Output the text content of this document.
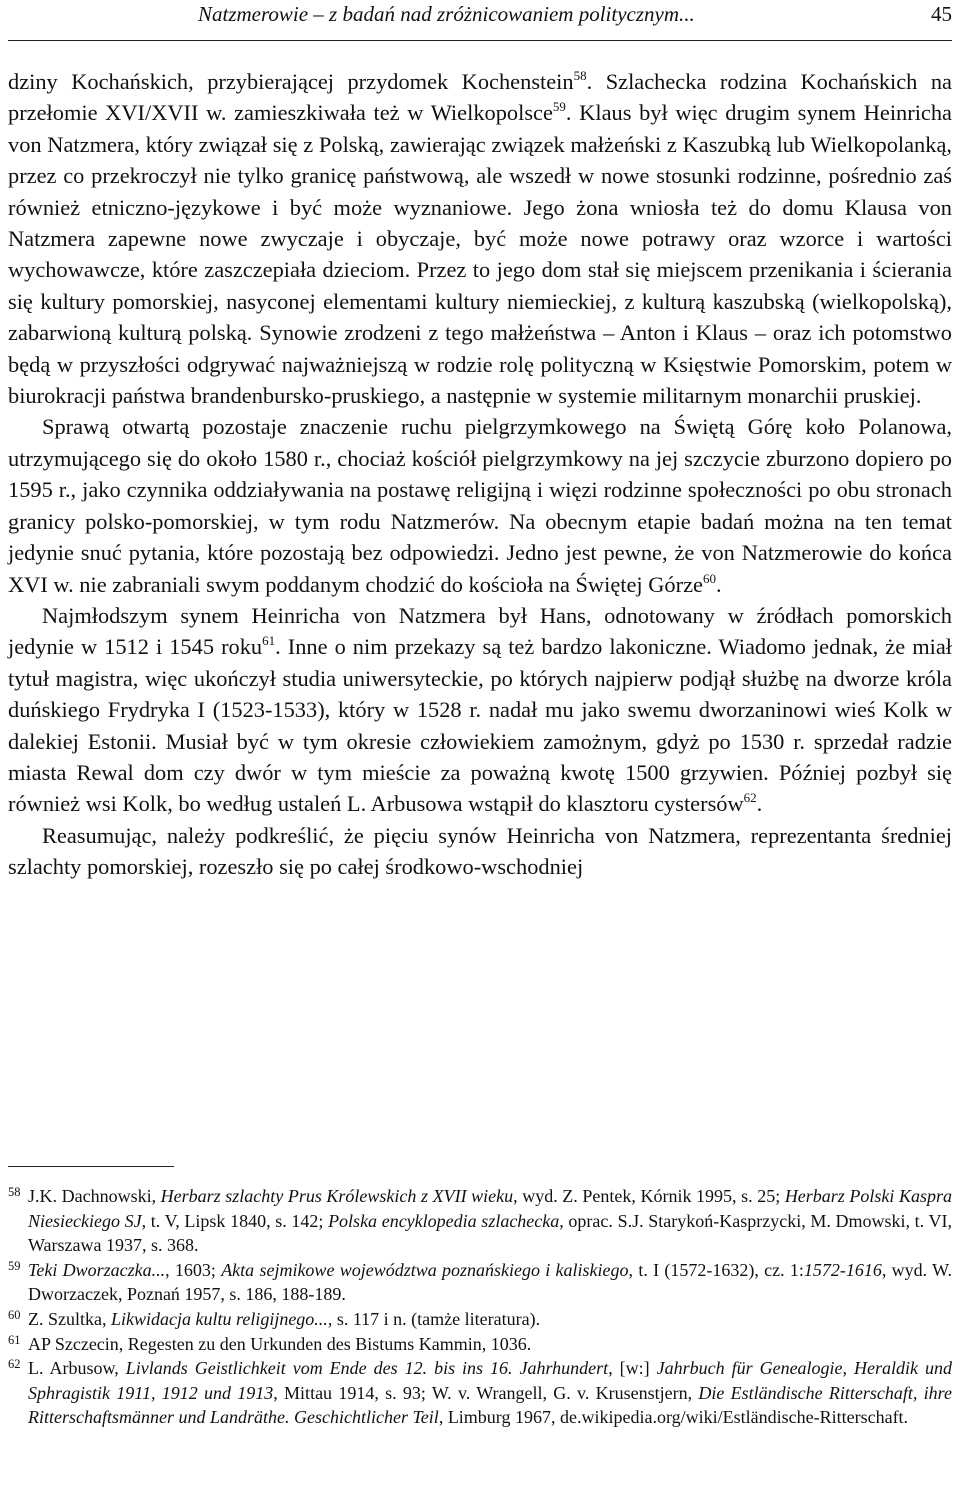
Natzmerowie – z badań nad zróżnicowaniem politycznym...	45

dziny Kochańskich, przybierającej przydomek Kochenstein$^{58}$. Szlachecka rodzina Kochańskich na przełomie XVI/XVII w. zamieszkiwała też w Wielkopolsce$^{59}$. Klaus był więc drugim synem Heinricha von Natzmera, który związał się z Polską, zawierając związek małżeński z Kaszubką lub Wielkopolanką, przez co przekroczył nie tylko granicę państwową, ale wszedł w nowe stosunki rodzinne, pośrednio zaś również etniczno-językowe i być może wyznaniowe. Jego żona wniosła też do domu Klausa von Natzmera zapewne nowe zwyczaje i obyczaje, być może nowe potrawy oraz wzorce i wartości wychowawcze, które zaszczepiała dzieciom. Przez to jego dom stał się miejscem przenikania i ścierania się kultury pomorskiej, nasyconej elementami kultury niemieckiej, z kulturą kaszubską (wielkopolską), zabarwioną kulturą polską. Synowie zrodzeni z tego małżeństwa – Anton i Klaus – oraz ich potomstwo będą w przyszłości odgrywać najważniejszą w rodzie rolę polityczną w Księstwie Pomorskim, potem w biurokracji państwa brandenbursko-pruskiego, a następnie w systemie militarnym monarchii pruskiej.

Sprawą otwartą pozostaje znaczenie ruchu pielgrzymkowego na Świętą Górę koło Polanowa, utrzymującego się do około 1580 r., chociaż kościół pielgrzymkowy na jej szczycie zburzono dopiero po 1595 r., jako czynnika oddziaływania na postawę religijną i więzi rodzinne społeczności po obu stronach granicy polsko-pomorskiej, w tym rodu Natzmerów. Na obecnym etapie badań można na ten temat jedynie snuć pytania, które pozostają bez odpowiedzi. Jedno jest pewne, że von Natzmerowie do końca XVI w. nie zabraniali swym poddanym chodzić do kościoła na Świętej Górze$^{60}$.

Najmłodszym synem Heinricha von Natzmera był Hans, odnotowany w źródłach pomorskich jedynie w 1512 i 1545 roku$^{61}$. Inne o nim przekazy są też bardzo lakoniczne. Wiadomo jednak, że miał tytuł magistra, więc ukończył studia uniwersyteckie, po których najpierw podjął służbę na dworze króla duńskiego Frydryka I (1523-1533), który w 1528 r. nadał mu jako swemu dworzaninowi wieś Kolk w dalekiej Estonii. Musiał być w tym okresie człowiekiem zamożnym, gdyż po 1530 r. sprzedał radzie miasta Rewal dom czy dwór w tym mieście za poważną kwotę 1500 grzywien. Później pozbył się również wsi Kolk, bo według ustaleń L. Arbusowa wstąpił do klasztoru cystersów$^{62}$.

Reasumując, należy podkreślić, że pięciu synów Heinricha von Natzmera, reprezentanta średniej szlachty pomorskiej, rozeszło się po całej środkowo-wschodniej

58 J.K. Dachnowski, Herbarz szlachty Prus Królewskich z XVII wieku, wyd. Z. Pentek, Kórnik 1995, s. 25; Herbarz Polski Kaspra Niesieckiego SJ, t. V, Lipsk 1840, s. 142; Polska encyklopedia szlachecka, oprac. S.J. Starykoń-Kasprzycki, M. Dmowski, t. VI, Warszawa 1937, s. 368.
59 Teki Dworzaczka..., 1603; Akta sejmikowe województwa poznańskiego i kaliskiego, t. I (1572-1632), cz. 1:1572-1616, wyd. W. Dworzaczek, Poznań 1957, s. 186, 188-189.
60 Z. Szultka, Likwidacja kultu religijnego..., s. 117 i n. (tamże literatura).
61 AP Szczecin, Regesten zu den Urkunden des Bistums Kammin, 1036.
62 L. Arbusow, Livlands Geistlichkeit vom Ende des 12. bis ins 16. Jahrhundert, [w:] Jahrbuch für Genealogie, Heraldik und Sphragistik 1911, 1912 und 1913, Mittau 1914, s. 93; W. v. Wrangell, G. v. Krusenstjern, Die Estländische Ritterschaft, ihre Ritterschaftsmänner und Landräthe. Geschichtlicher Teil, Limburg 1967, de.wikipedia.org/wiki/Estländische-Ritterschaft.
